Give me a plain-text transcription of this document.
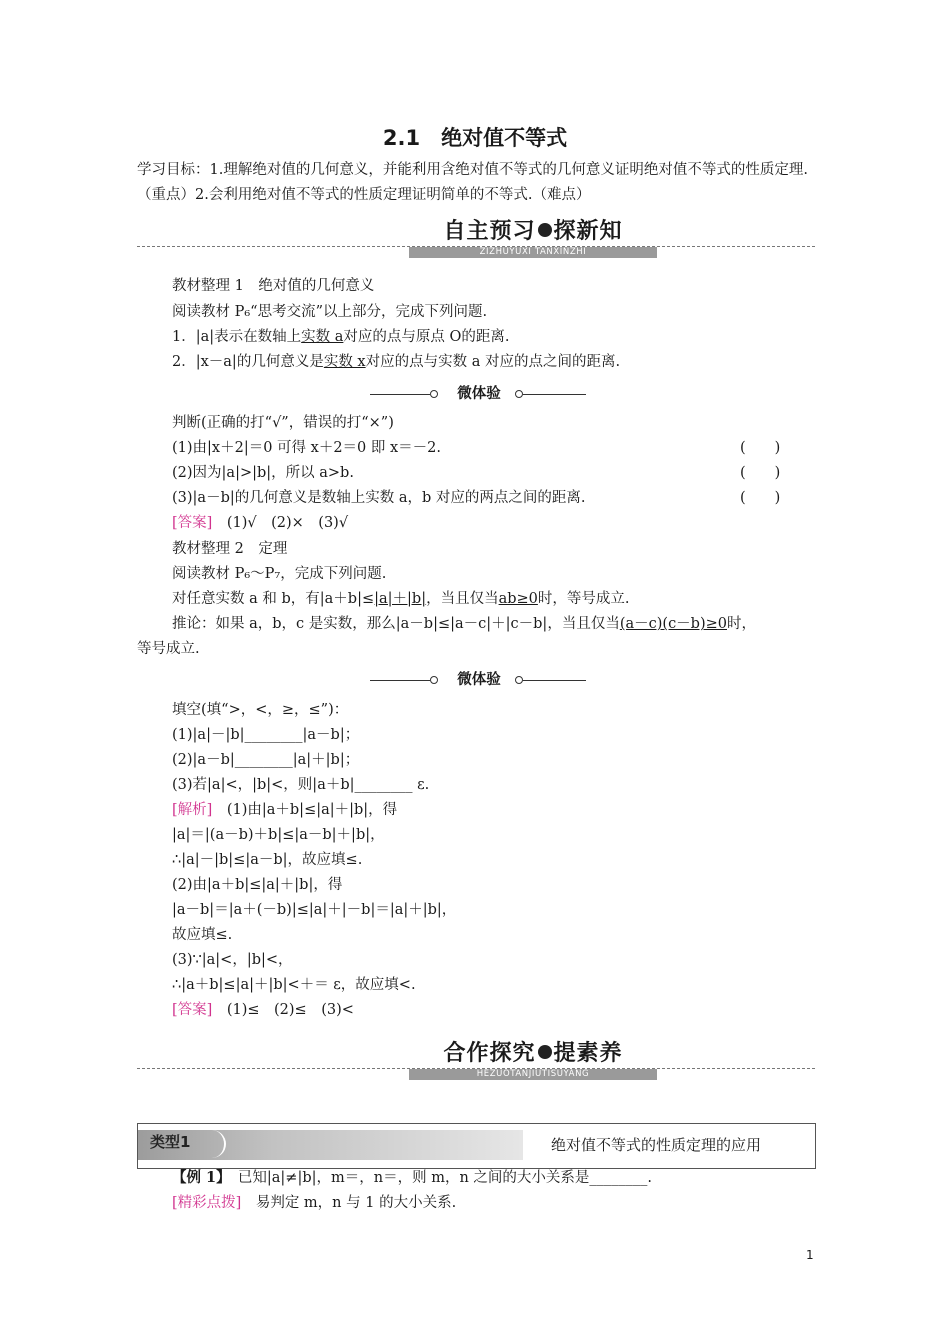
2.1　绝对值不等式
学习目标：1.理解绝对值的几何意义，并能利用含绝对值不等式的几何意义证明绝对值不等式的性质定理.（重点）2.会利用绝对值不等式的性质定理证明简单的不等式.（难点）
自主预习 探新知
ZIZHUYUXI TANXINZHI
教材整理 1　绝对值的几何意义
阅读教材 P₆“思考交流”以上部分，完成下列问题.
1．|a|表示在数轴上实数 a对应的点与原点 O的距离.
2．|x－a|的几何意义是实数 x对应的点与实数 a 对应的点之间的距离.
微体验
判断(正确的打“√”，错误的打“×”)
(1)由|x＋2|＝0 可得 x＋2＝0 即 x＝－2.	(　　)
(2)因为|a|>|b|，所以 a>b.	(　　)
(3)|a－b|的几何意义是数轴上实数 a，b 对应的两点之间的距离.	(　　)
[答案]　 (1)√　(2)×　(3)√
教材整理 2　定理
阅读教材 P₆～P₇，完成下列问题.
对任意实数 a 和 b，有|a＋b|≤|a|＋|b|，当且仅当ab≥0时，等号成立.
推论：如果 a，b，c 是实数，那么|a－b|≤|a－c|＋|c－b|，当且仅当(a－c)(c－b)≥0时，
等号成立.
微体验
填空(填“>，<，≥，≤”)：
(1)|a|－|b|________|a－b|；
(2)|a－b|________|a|＋|b|；
(3)若|a|<，|b|<，则|a＋b|________ ε.
[解析]　(1)由|a＋b|≤|a|＋|b|，得
|a|＝|(a－b)＋b|≤|a－b|＋|b|，
∴|a|－|b|≤|a－b|，故应填≤.
(2)由|a＋b|≤|a|＋|b|，得
|a－b|＝|a＋(－b)|≤|a|＋|－b|＝|a|＋|b|，
故应填≤.
(3)∵|a|<，|b|<，
∴|a＋b|≤|a|＋|b|<＋＝ ε，故应填<.
[答案]　(1)≤　(2)≤　(3)<
合作探究 提素养
HEZUOTANJIUTISUYANG
类型1	绝对值不等式的性质定理的应用
【例 1】　已知|a|≠|b|，m＝，n＝，则 m，n 之间的大小关系是________.
[精彩点拨]　易判定 m，n 与 1 的大小关系.
1
